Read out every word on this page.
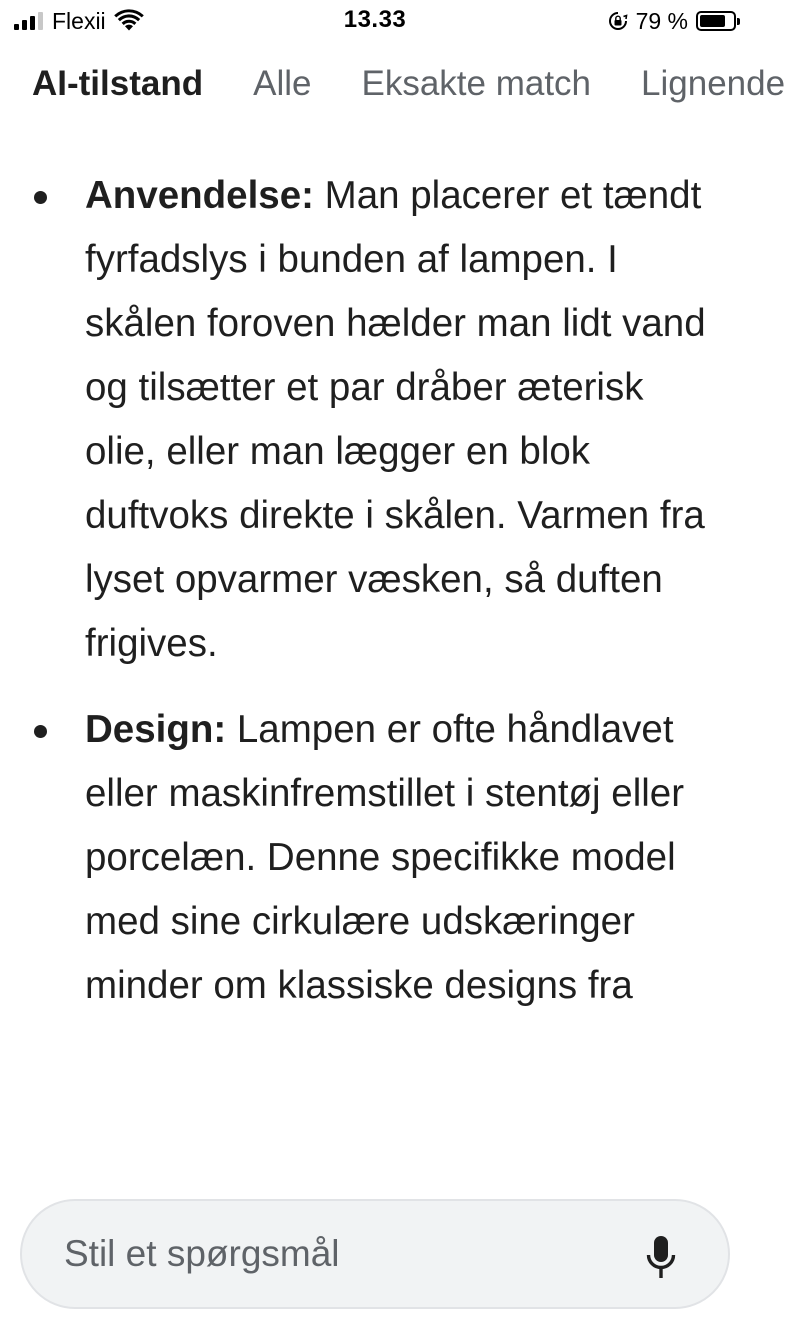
Flexii	13.33	79 %
AI-tilstand Alle Eksakte match Lignende
Anvendelse: Man placerer et tændt fyrfadslys i bunden af lampen. I skålen foroven hælder man lidt vand og tilsætter et par dråber æterisk olie, eller man lægger en blok duftvoks direkte i skålen. Varmen fra lyset opvarmer væsken, så duften frigives.
Design: Lampen er ofte håndlavet eller maskinfremstillet i stentøj eller porcelæn. Denne specifikke model med sine cirkulære udskæringer minder om klassiske designs fra
Stil et spørgsmål
